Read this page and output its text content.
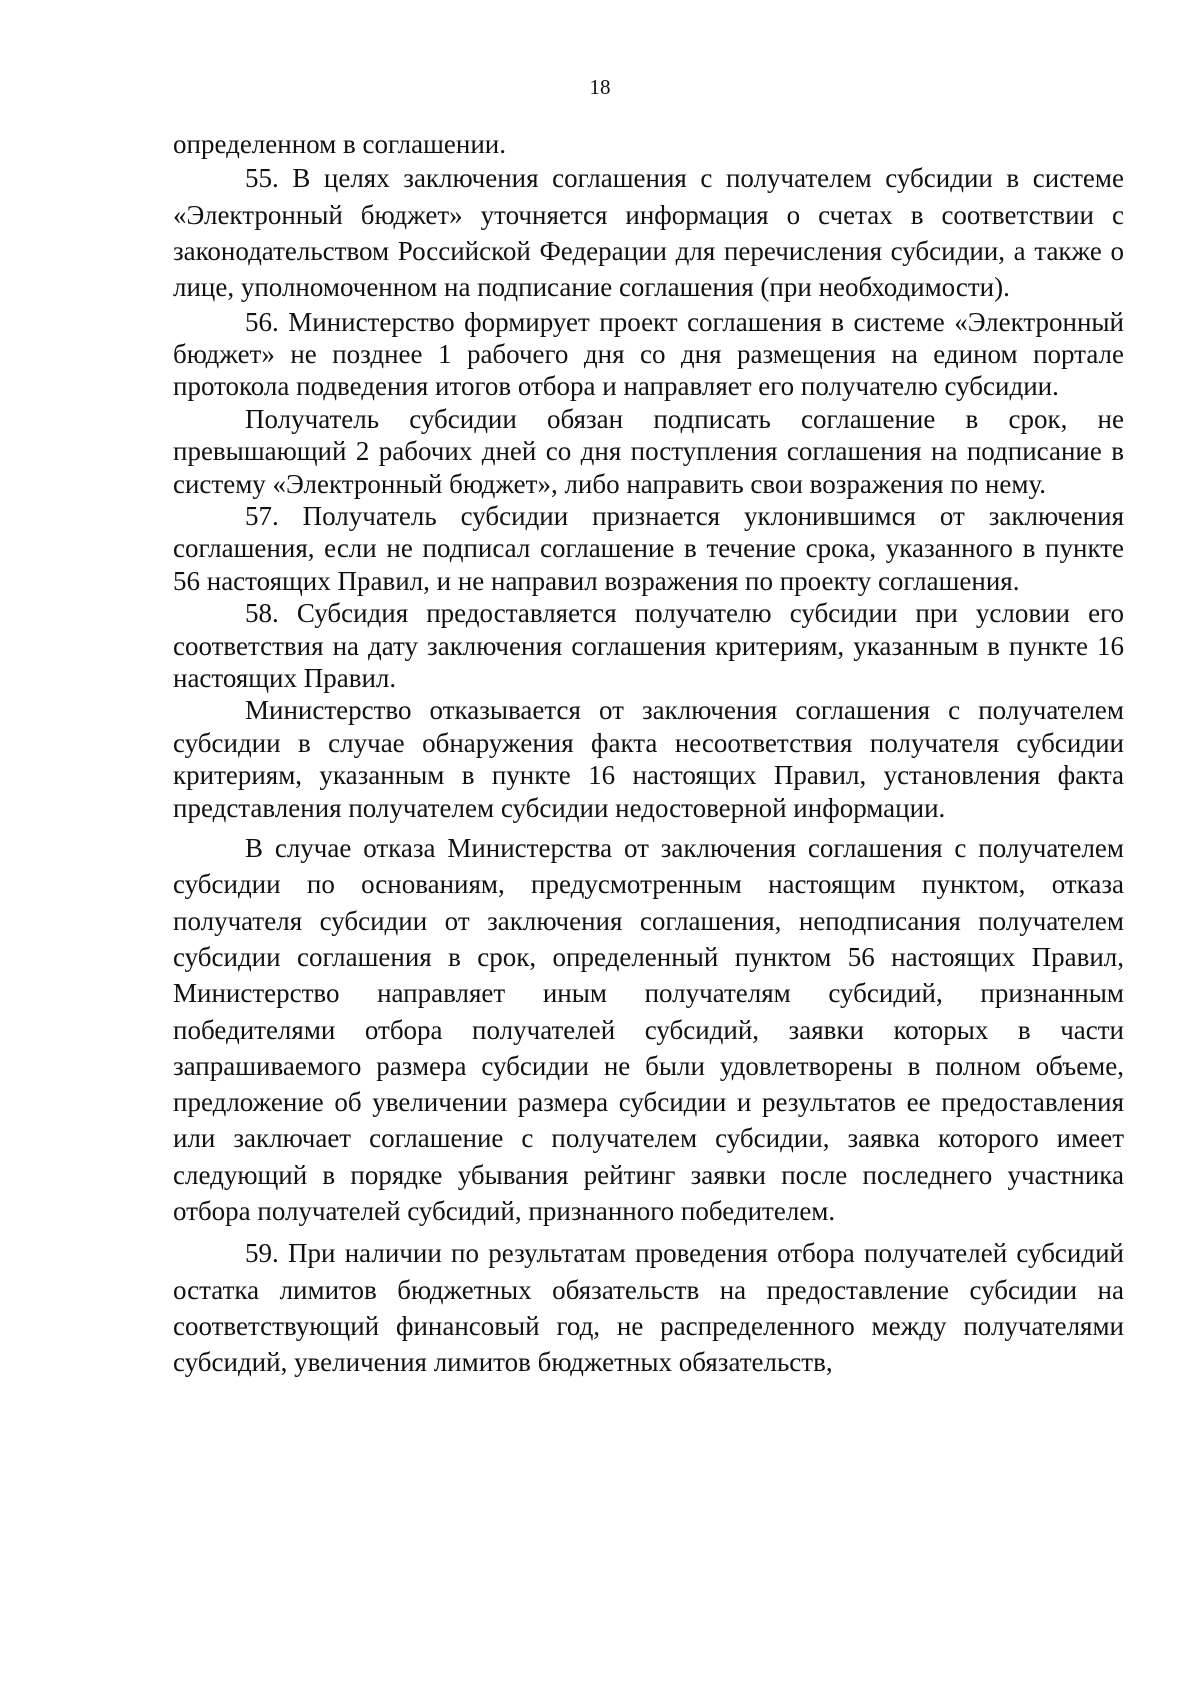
18

определенном в соглашении.

55. В целях заключения соглашения с получателем субсидии в системе «Электронный бюджет» уточняется информация о счетах в соответствии с законодательством Российской Федерации для перечисления субсидии, а также о лице, уполномоченном на подписание соглашения (при необходимости).

56. Министерство формирует проект соглашения в системе «Электронный бюджет» не позднее 1 рабочего дня со дня размещения на едином портале протокола подведения итогов отбора и направляет его получателю субсидии.

Получатель субсидии обязан подписать соглашение в срок, не превышающий 2 рабочих дней со дня поступления соглашения на подписание в систему «Электронный бюджет», либо направить свои возражения по нему.

57. Получатель субсидии признается уклонившимся от заключения соглашения, если не подписал соглашение в течение срока, указанного в пункте 56 настоящих Правил, и не направил возражения по проекту соглашения.

58. Субсидия предоставляется получателю субсидии при условии его соответствия на дату заключения соглашения критериям, указанным в пункте 16 настоящих Правил.

Министерство отказывается от заключения соглашения с получателем субсидии в случае обнаружения факта несоответствия получателя субсидии критериям, указанным в пункте 16 настоящих Правил, установления факта представления получателем субсидии недостоверной информации.

В случае отказа Министерства от заключения соглашения с получателем субсидии по основаниям, предусмотренным настоящим пунктом, отказа получателя субсидии от заключения соглашения, неподписания получателем субсидии соглашения в срок, определенный пунктом 56 настоящих Правил, Министерство направляет иным получателям субсидий, признанным победителями отбора получателей субсидий, заявки которых в части запрашиваемого размера субсидии не были удовлетворены в полном объеме, предложение об увеличении размера субсидии и результатов ее предоставления или заключает соглашение с получателем субсидии, заявка которого имеет следующий в порядке убывания рейтинг заявки после последнего участника отбора получателей субсидий, признанного победителем.

59. При наличии по результатам проведения отбора получателей субсидий остатка лимитов бюджетных обязательств на предоставление субсидии на соответствующий финансовый год, не распределенного между получателями субсидий, увеличения лимитов бюджетных обязательств,
